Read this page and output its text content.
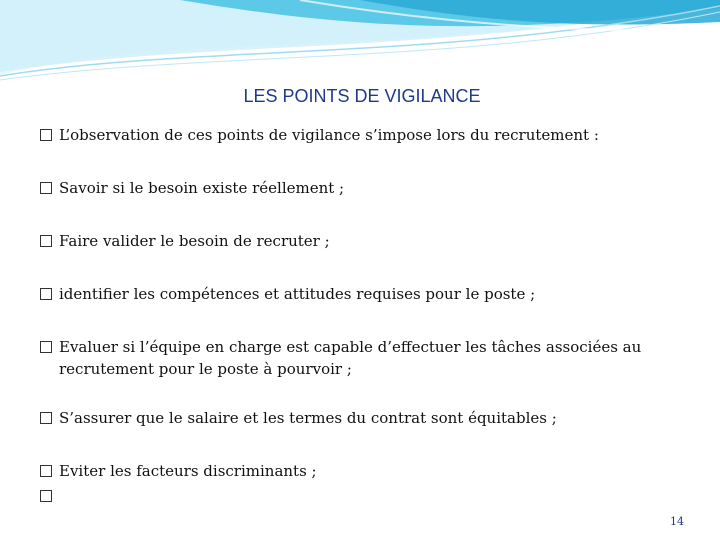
LES POINTS DE VIGILANCE
L’observation de ces points de vigilance s’impose lors du recrutement :
Savoir si le besoin existe réellement ;
Faire valider le besoin de recruter ;
identifier les compétences et attitudes requises pour le poste ;
Evaluer si l’équipe en charge est capable d’effectuer les tâches associées au recrutement pour le poste à pourvoir ;
S’assurer que le salaire et les termes du contrat sont équitables ;
Eviter les facteurs discriminants ;
14
